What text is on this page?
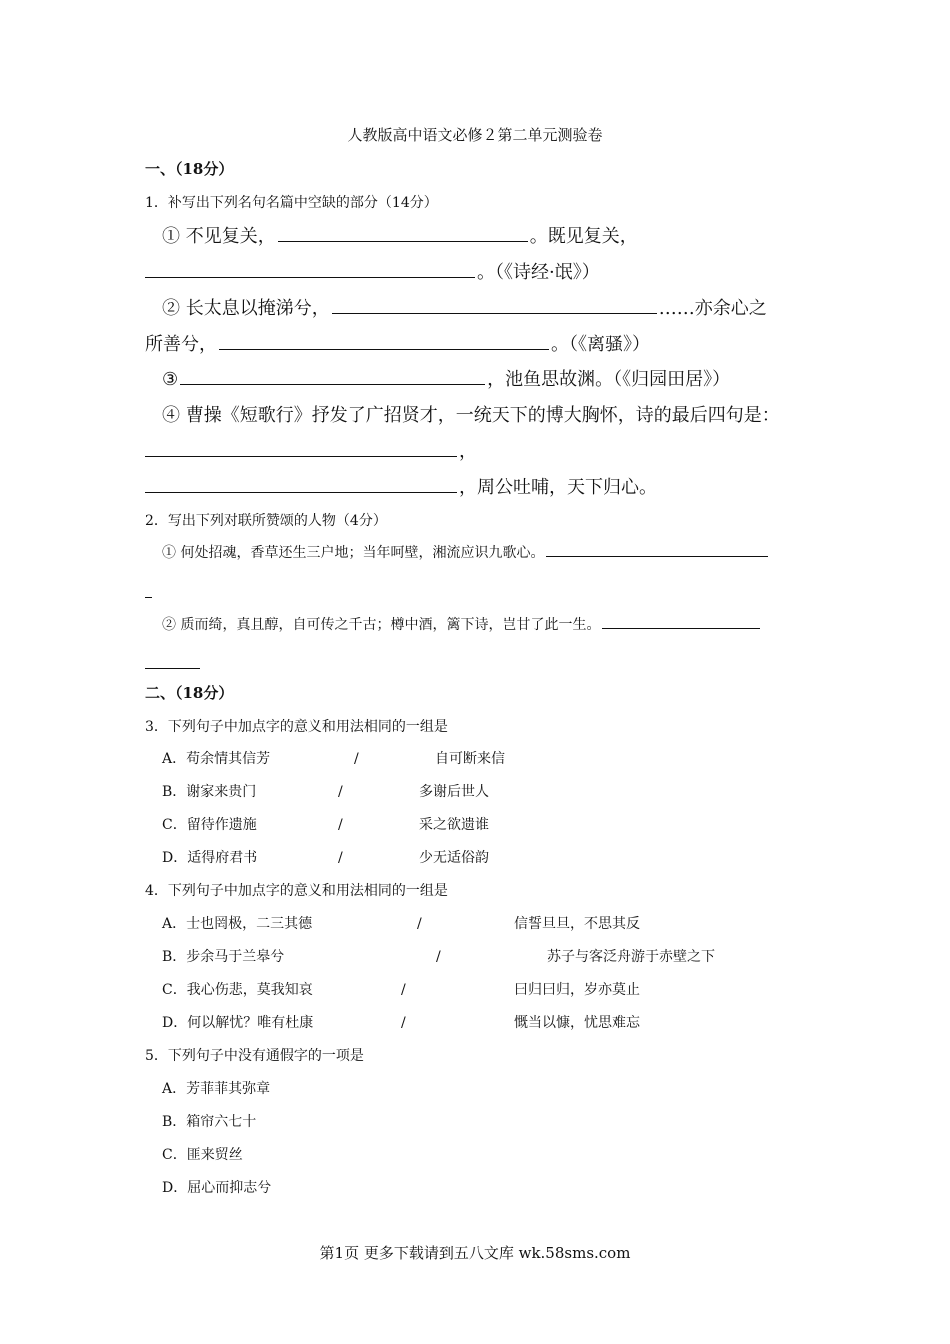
人教版高中语文必修２第二单元测验卷
一、（18分）
1．补写出下列名句名篇中空缺的部分（14分）
① 不见复关，	。既见复关，
。（《诗经·氓》）
② 长太息以掩涕兮，	……亦余心之
所善兮，	。（《离骚》）
③	，池鱼思故渊。（《归园田居》）
④ 曹操《短歌行》抒发了广招贤才，一统天下的博大胸怀，诗的最后四句是：
，
，周公吐哺，天下归心。
2．写出下列对联所赞颂的人物（4分）
① 何处招魂，香草还生三户地；当年呵壁，湘流应识九歌心。
② 质而绮，真且醇，自可传之千古；樽中酒，篱下诗，岂甘了此一生。
二、（18分）
3．下列句子中加点字的意义和用法相同的一组是
A．苟余情其信芳	/	自可断来信
B．谢家来贵门	/	多谢后世人
C．留待作遗施	/	采之欲遗谁
D．适得府君书	/	少无适俗韵
4．下列句子中加点字的意义和用法相同的一组是
A．士也罔极，二三其德	/	信誓旦旦，不思其反
B．步余马于兰皋兮	/	苏子与客泛舟游于赤壁之下
C．我心伤悲，莫我知哀	/	曰归曰归，岁亦莫止
D．何以解忧？唯有杜康	/	慨当以慷，忧思难忘
5．下列句子中没有通假字的一项是
A．芳菲菲其弥章
B．箱帘六七十
C．匪来贸丝
D．屈心而抑志兮
第1页 更多下载请到五八文库 wk.58sms.com
